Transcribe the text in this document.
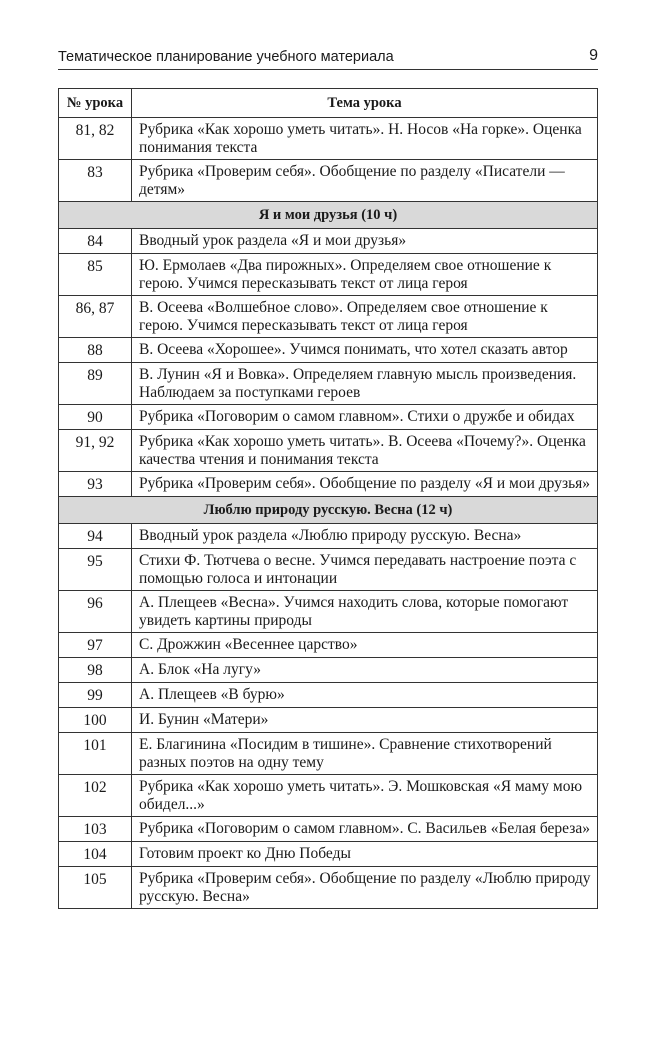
Тематическое планирование учебного материала	9
№ урока	Тема урока
81, 82	Рубрика «Как хорошо уметь читать». Н. Носов «На горке». Оценка понимания текста
83	Рубрика «Проверим себя». Обобщение по разделу «Писатели — детям»
Я и мои друзья (10 ч)	
84	Вводный урок раздела «Я и мои друзья»
85	Ю. Ермолаев «Два пирожных». Определяем свое отношение к герою. Учимся пересказывать текст от лица героя
86, 87	В. Осеева «Волшебное слово». Определяем свое отношение к герою. Учимся пересказывать текст от лица героя
88	В. Осеева «Хорошее». Учимся понимать, что хотел сказать автор
89	В. Лунин «Я и Вовка». Определяем главную мысль произведения. Наблюдаем за поступками героев
90	Рубрика «Поговорим о самом главном». Стихи о дружбе и обидах
91, 92	Рубрика «Как хорошо уметь читать». В. Осеева «Почему?». Оценка качества чтения и понимания текста
93	Рубрика «Проверим себя». Обобщение по разделу «Я и мои друзья»
Люблю природу русскую. Весна (12 ч)	
94	Вводный урок раздела «Люблю природу русскую. Весна»
95	Стихи Ф. Тютчева о весне. Учимся передавать настроение поэта с помощью голоса и интонации
96	А. Плещеев «Весна». Учимся находить слова, которые помогают увидеть картины природы
97	С. Дрожжин «Весеннее царство»
98	А. Блок «На лугу»
99	А. Плещеев «В бурю»
100	И. Бунин «Матери»
101	Е. Благинина «Посидим в тишине». Сравнение стихотворений разных поэтов на одну тему
102	Рубрика «Как хорошо уметь читать». Э. Мошковская «Я маму мою обидел...»
103	Рубрика «Поговорим о самом главном». С. Васильев «Белая береза»
104	Готовим проект ко Дню Победы
105	Рубрика «Проверим себя». Обобщение по разделу «Люблю природу русскую. Весна»
